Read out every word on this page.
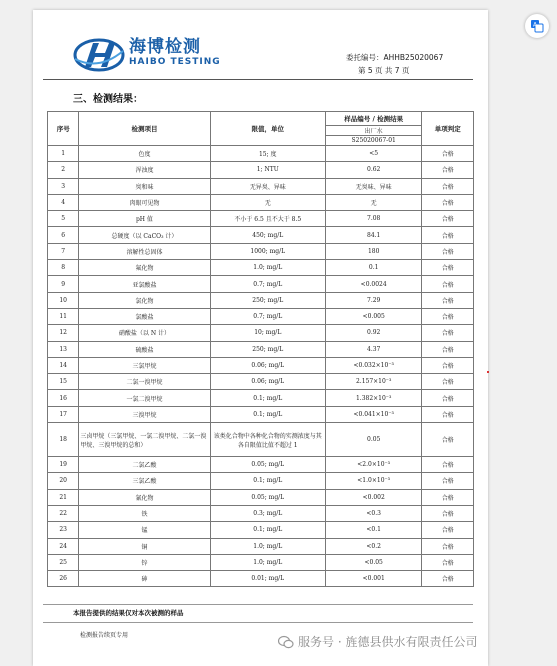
海博检测
HAIBO TESTING	委托编号：AHHB25020067
第 5 页 共 7 页
三、检测结果：
序号	检测项目	限值，单位	样品编号 / 检测结果	单项判定
			出厂水	
			S25020067-01	
1	色度	15; 度	<5	合格
2	浑浊度	1; NTU	0.62	合格
3	臭和味	无异臭、异味	无臭味、异味	合格
4	肉眼可见物	无	无	合格
5	pH 值	不小于 6.5 且不大于 8.5	7.08	合格
6	总硬度（以 CaCO₃ 计）	450; mg/L	84.1	合格
7	溶解性总固体	1000; mg/L	180	合格
8	氟化物	1.0; mg/L	0.1	合格
9	亚氯酸盐	0.7; mg/L	<0.0024	合格
10	氯化物	250; mg/L	7.29	合格
11	氯酸盐	0.7; mg/L	<0.005	合格
12	硝酸盐（以 N 计）	10; mg/L	0.92	合格
13	硫酸盐	250; mg/L	4.37	合格
14	三氯甲烷	0.06; mg/L	<0.032×10⁻³	合格
15	二氯一溴甲烷	0.06; mg/L	2.157×10⁻³	合格
16	一氯二溴甲烷	0.1; mg/L	1.382×10⁻³	合格
17	三溴甲烷	0.1; mg/L	<0.041×10⁻³	合格
18	三卤甲烷（三氯甲烷、一氯二溴甲烷、二氯一溴甲烷、三溴甲烷的总和）	该类化合物中各种化合物的实测浓度与其各自限值比值不超过 1	0.05	合格
19	二氯乙酸	0.05; mg/L	<2.0×10⁻³	合格
20	三氯乙酸	0.1; mg/L	<1.0×10⁻³	合格
21	氰化物	0.05; mg/L	<0.002	合格
22	铁	0.3; mg/L	<0.3	合格
23	锰	0.1; mg/L	<0.1	合格
24	铜	1.0; mg/L	<0.2	合格
25	锌	1.0; mg/L	<0.05	合格
26	砷	0.01; mg/L	<0.001	合格
本报告提供的结果仅对本次被测的样品
检测报告续页专用
A
服务号 · 旌德县供水有限责任公司
